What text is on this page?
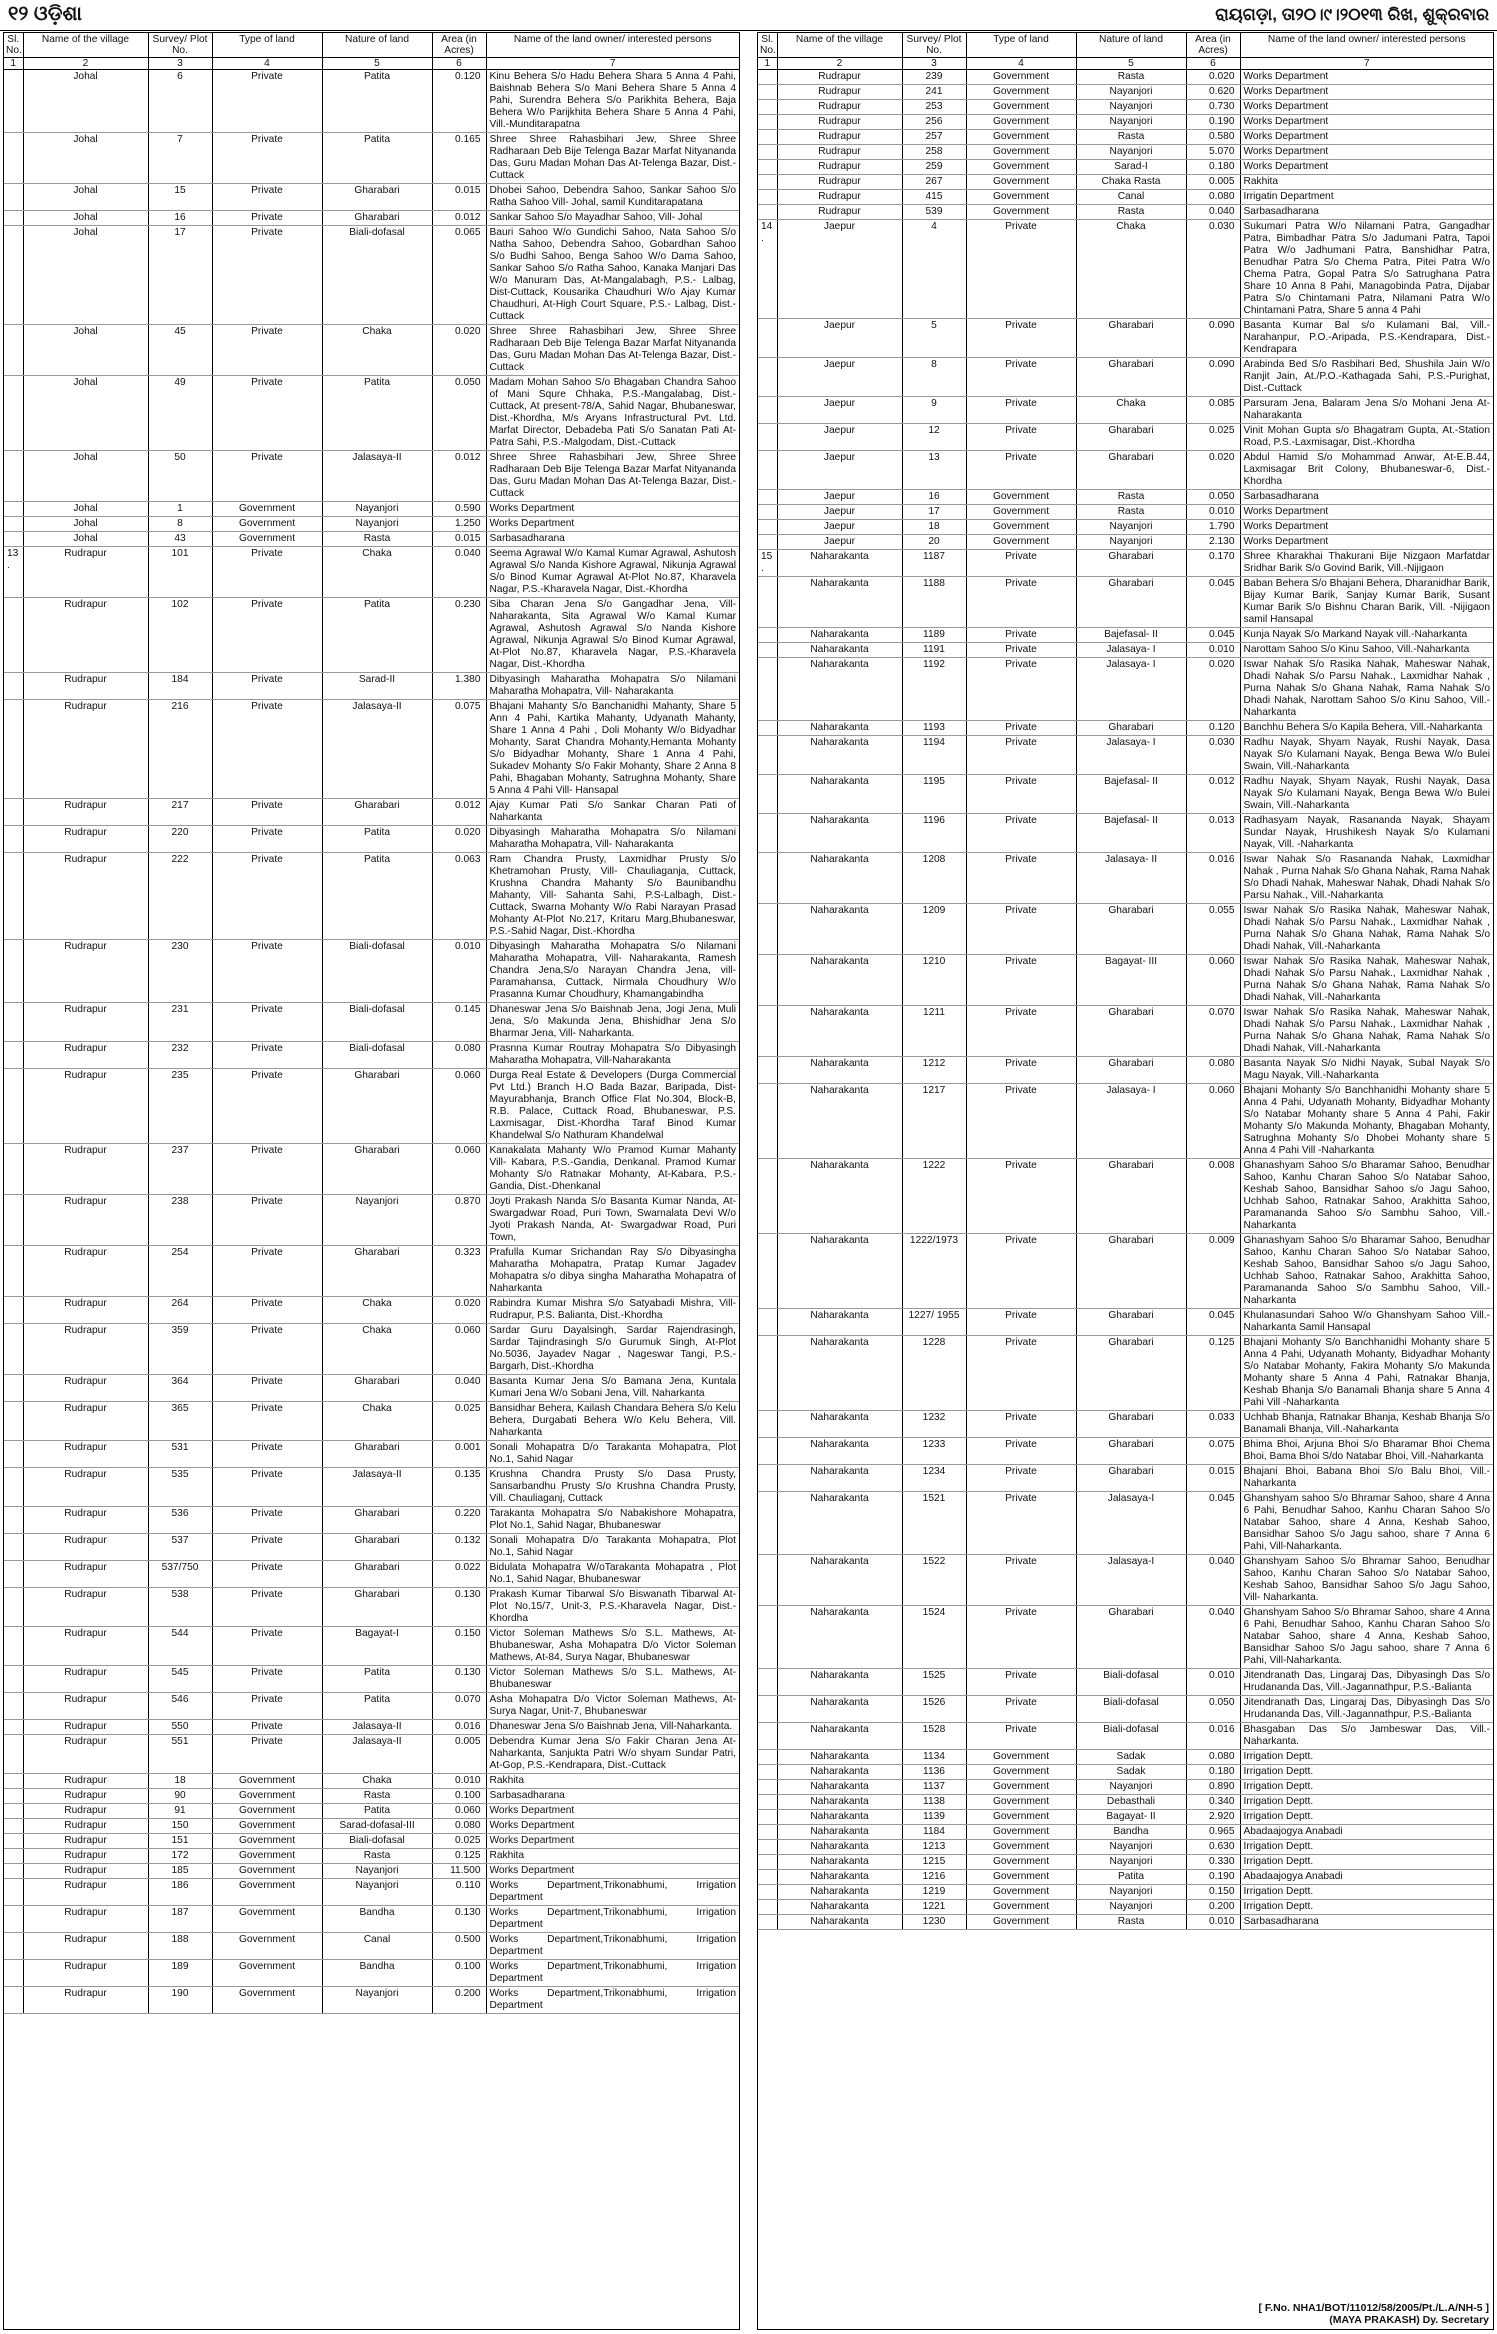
୧୨ ଓଡ଼ିଶା	ରାୟଗଡ଼ା, ତା୨୦।୯।୨୦୧୩ ରିଖ, ଶୁକ୍ରବାର
Sl. No.	Name of the village	Survey/ Plot No.	Type of land	Nature of land	Area (in Acres)	Name of the land owner/ interested persons
1	2	3	4	5	6	7
	Johal	6	Private	Patita	0.120	Kinu Behera S/o Hadu Behera Shara 5 Anna 4 Pahi, Baishnab Behera S/o Mani Behera Share 5 Anna 4 Pahi, Surendra Behera S/o Parikhita Behera, Baja Behera W/o Parijkhita Behera Share 5 Anna 4 Pahi, Vill.-Munditarapatna
	Johal	7	Private	Patita	0.165	Shree Shree Rahasbihari Jew, Shree Shree Radharaan Deb Bije Telenga Bazar Marfat Nityananda Das, Guru Madan Mohan Das At-Telenga Bazar, Dist.-Cuttack
	Johal	15	Private	Gharabari	0.015	Dhobei Sahoo, Debendra Sahoo, Sankar Sahoo S/o Ratha Sahoo Vill- Johal, samil Kunditarapatana
	Johal	16	Private	Gharabari	0.012	Sankar Sahoo S/o Mayadhar Sahoo, Vill- Johal
	Johal	17	Private	Biali-dofasal	0.065	Bauri Sahoo W/o Gundichi Sahoo, Nata Sahoo S/o Natha Sahoo, Debendra Sahoo, Gobardhan Sahoo S/o Budhi Sahoo, Benga Sahoo W/o Dama Sahoo, Sankar Sahoo S/o Ratha Sahoo, Kanaka Manjari Das W/o Manuram Das, At-Mangalabagh, P.S.- Lalbag, Dist-Cuttack, Kousarika Chaudhuri W/o Ajay Kumar Chaudhuri, At-High Court Square, P.S.- Lalbag, Dist.-Cuttack
	Johal	45	Private	Chaka	0.020	Shree Shree Rahasbihari Jew, Shree Shree Radharaan Deb Bije Telenga Bazar Marfat Nityananda Das, Guru Madan Mohan Das At-Telenga Bazar, Dist.-Cuttack
	Johal	49	Private	Patita	0.050	Madam Mohan Sahoo S/o Bhagaban Chandra Sahoo of Mani Squre Chhaka, P.S.-Mangalabag, Dist.-Cuttack, At present-78/A, Sahid Nagar, Bhubaneswar, Dist.-Khordha, M/s Aryans Infrastructural Pvt. Ltd. Marfat Director, Debadeba Pati S/o Sanatan Pati At- Patra Sahi, P.S.-Malgodam, Dist.-Cuttack
	Johal	50	Private	Jalasaya-II	0.012	Shree Shree Rahasbihari Jew, Shree Shree Radharaan Deb Bije Telenga Bazar Marfat Nityananda Das, Guru Madan Mohan Das At-Telenga Bazar, Dist.-Cuttack
	Johal	1	Government	Nayanjori	0.590	Works Department
	Johal	8	Government	Nayanjori	1.250	Works Department
	Johal	43	Government	Rasta	0.015	Sarbasadharana
13.	Rudrapur	101	Private	Chaka	0.040	Seema Agrawal W/o Kamal Kumar Agrawal, Ashutosh Agrawal S/o Nanda Kishore Agrawal, Nikunja Agrawal S/o Binod Kumar Agrawal At-Plot No.87, Kharavela Nagar, P.S.-Kharavela Nagar, Dist.-Khordha
	Rudrapur	102	Private	Patita	0.230	Siba Charan Jena S/o Gangadhar Jena, Vill-Naharakanta, Sita Agrawal W/o Kamal Kumar Agrawal, Ashutosh Agrawal S/o Nanda Kishore Agrawal, Nikunja Agrawal S/o Binod Kumar Agrawal, At-Plot No.87, Kharavela Nagar, P.S.-Kharavela Nagar, Dist.-Khordha
	Rudrapur	184	Private	Sarad-II	1.380	Dibyasingh Maharatha Mohapatra S/o Nilamani Maharatha Mohapatra, Vill- Naharakanta
	Rudrapur	216	Private	Jalasaya-II	0.075	Bhajani Mahanty S/o Banchanidhi Mahanty, Share 5 Ann 4 Pahi, Kartika Mahanty, Udyanath Mahanty, Share 1 Anna 4 Pahi , Doli Mohanty W/o Bidyadhar Mohanty, Sarat Chandra Mohanty,Hemanta Mohanty S/o Bidyadhar Mohanty, Share 1 Anna 4 Pahi, Sukadev Mohanty S/o Fakir Mohanty, Share 2 Anna 8 Pahi, Bhagaban Mohanty, Satrughna Mohanty, Share 5 Anna 4 Pahi Vill- Hansapal
	Rudrapur	217	Private	Gharabari	0.012	Ajay Kumar Pati S/o Sankar Charan Pati of Naharkanta
	Rudrapur	220	Private	Patita	0.020	Dibyasingh Maharatha Mohapatra S/o Nilamani Maharatha Mohapatra, Vill- Naharakanta
	Rudrapur	222	Private	Patita	0.063	Ram Chandra Prusty, Laxmidhar Prusty S/o Khetramohan Prusty, Vill- Chauliaganja, Cuttack, Krushna Chandra Mahanty S/o Baunibandhu Mahanty, Vill- Sahanta Sahi, P.S-Lalbagh, Dist.-Cuttack, Swarna Mohanty W/o Rabi Narayan Prasad Mohanty At-Plot No.217, Kritaru Marg,Bhubaneswar, P.S.-Sahid Nagar, Dist.-Khordha
	Rudrapur	230	Private	Biali-dofasal	0.010	Dibyasingh Maharatha Mohapatra S/o Nilamani Maharatha Mohapatra, Vill- Naharakanta, Ramesh Chandra Jena,S/o Narayan Chandra Jena, vill- Paramahansa, Cuttack, Nirmala Choudhury W/o Prasanna Kumar Choudhury, Khamangabindha
	Rudrapur	231	Private	Biali-dofasal	0.145	Dhaneswar Jena S/o Baishnab Jena, Jogi Jena, Muli Jena, S/o Makunda Jena, Bhishidhar Jena S/o Bharmar Jena, Vill- Naharkanta.
	Rudrapur	232	Private	Biali-dofasal	0.080	Prasnna Kumar Routray Mohapatra S/o Dibyasingh Maharatha Mohapatra, Vill-Naharakanta
	Rudrapur	235	Private	Gharabari	0.060	Durga Real Estate & Developers (Durga Commercial Pvt Ltd.) Branch H.O Bada Bazar, Baripada, Dist- Mayurabhanja, Branch Office Flat No.304, Block-B, R.B. Palace, Cuttack Road, Bhubaneswar, P.S. Laxmisagar, Dist.-Khordha Taraf Binod Kumar Khandelwal S/o Nathuram Khandelwal
	Rudrapur	237	Private	Gharabari	0.060	Kanakalata Mahanty W/o Pramod Kumar Mahanty Vill- Kabara, P.S.-Gandia, Denkanal. Pramod Kumar Mohanty S/o Ratnakar Mohanty, At-Kabara, P.S.-Gandia, Dist.-Dhenkanal
	Rudrapur	238	Private	Nayanjori	0.870	Joyti Prakash Nanda S/o Basanta Kumar Nanda, At- Swargadwar Road, Puri Town, Swarnalata Devi W/o Jyoti Prakash Nanda, At- Swargadwar Road, Puri Town,
	Rudrapur	254	Private	Gharabari	0.323	Prafulla Kumar Srichandan Ray S/o Dibyasingha Maharatha Mohapatra, Pratap Kumar Jagadev Mohapatra s/o dibya singha Maharatha Mohapatra of Naharkanta
	Rudrapur	264	Private	Chaka	0.020	Rabindra Kumar Mishra S/o Satyabadi Mishra, Vill- Rudrapur, P.S. Balianta, Dist.-Khordha
	Rudrapur	359	Private	Chaka	0.060	Sardar Guru Dayalsingh, Sardar Rajendrasingh, Sardar Tajindrasingh S/o Gurumuk Singh, At-Plot No.5036, Jayadev Nagar , Nageswar Tangi, P.S.-Bargarh, Dist.-Khordha
	Rudrapur	364	Private	Gharabari	0.040	Basanta Kumar Jena S/o Bamana Jena, Kuntala Kumari Jena W/o Sobani Jena, Vill. Naharkanta
	Rudrapur	365	Private	Chaka	0.025	Bansidhar Behera, Kailash Chandara Behera S/o Kelu Behera, Durgabati Behera W/o Kelu Behera, Vill. Naharkanta
	Rudrapur	531	Private	Gharabari	0.001	Sonali Mohapatra D/o Tarakanta Mohapatra, Plot No.1, Sahid Nagar
	Rudrapur	535	Private	Jalasaya-II	0.135	Krushna Chandra Prusty S/o Dasa Prusty, Sansarbandhu Prusty S/o Krushna Chandra Prusty, Vill. Chauliaganj, Cuttack
	Rudrapur	536	Private	Gharabari	0.220	Tarakanta Mohapatra S/o Nabakishore Mohapatra, Plot No.1, Sahid Nagar, Bhubaneswar
	Rudrapur	537	Private	Gharabari	0.132	Sonali Mohapatra D/o Tarakanta Mohapatra, Plot No.1, Sahid Nagar
	Rudrapur	537/750	Private	Gharabari	0.022	Bidulata Mohapatra W/oTarakanta Mohapatra , Plot No.1, Sahid Nagar, Bhubaneswar
	Rudrapur	538	Private	Gharabari	0.130	Prakash Kumar Tibarwal S/o Biswanath Tibarwal At-Plot No.15/7, Unit-3, P.S.-Kharavela Nagar, Dist.-Khordha
	Rudrapur	544	Private	Bagayat-I	0.150	Victor Soleman Mathews S/o S.L. Mathews, At-Bhubaneswar, Asha Mohapatra D/o Victor Soleman Mathews, At-84, Surya Nagar, Bhubaneswar
	Rudrapur	545	Private	Patita	0.130	Victor Soleman Mathews S/o S.L. Mathews, At-Bhubaneswar
	Rudrapur	546	Private	Patita	0.070	Asha Mohapatra D/o Victor Soleman Mathews, At-Surya Nagar, Unit-7, Bhubaneswar
	Rudrapur	550	Private	Jalasaya-II	0.016	Dhaneswar Jena S/o Baishnab Jena, Vill-Naharkanta.
	Rudrapur	551	Private	Jalasaya-II	0.005	Debendra Kumar Jena S/o Fakir Charan Jena At-Naharkanta, Sanjukta Patri W/o shyam Sundar Patri, At-Gop, P.S.-Kendrapara, Dist.-Cuttack
	Rudrapur	18	Government	Chaka	0.010	Rakhita
	Rudrapur	90	Government	Rasta	0.100	Sarbasadharana
	Rudrapur	91	Government	Patita	0.060	Works Department
	Rudrapur	150	Government	Sarad-dofasal-III	0.080	Works Department
	Rudrapur	151	Government	Biali-dofasal	0.025	Works Department
	Rudrapur	172	Government	Rasta	0.125	Rakhita
	Rudrapur	185	Government	Nayanjori	11.500	Works Department
	Rudrapur	186	Government	Nayanjori	0.110	Works Department,Trikonabhumi, Irrigation Department
	Rudrapur	187	Government	Bandha	0.130	Works Department,Trikonabhumi, Irrigation Department
	Rudrapur	188	Government	Canal	0.500	Works Department,Trikonabhumi, Irrigation Department
	Rudrapur	189	Government	Bandha	0.100	Works Department,Trikonabhumi, Irrigation Department
	Rudrapur	190	Government	Nayanjori	0.200	Works Department,Trikonabhumi, Irrigation Department
Sl. No.	Name of the village	Survey/ Plot No.	Type of land	Nature of land	Area (in Acres)	Name of the land owner/ interested persons
1	2	3	4	5	6	7
	Rudrapur	239	Government	Rasta	0.020	Works Department
	Rudrapur	241	Government	Nayanjori	0.620	Works Department
	Rudrapur	253	Government	Nayanjori	0.730	Works Department
	Rudrapur	256	Government	Nayanjori	0.190	Works Department
	Rudrapur	257	Government	Rasta	0.580	Works Department
	Rudrapur	258	Government	Nayanjori	5.070	Works Department
	Rudrapur	259	Government	Sarad-I	0.180	Works Department
	Rudrapur	267	Government	Chaka Rasta	0.005	Rakhita
	Rudrapur	415	Government	Canal	0.080	Irrigatin Department
	Rudrapur	539	Government	Rasta	0.040	Sarbasadharana
14.	Jaepur	4	Private	Chaka	0.030	Sukumari Patra W/o Nilamani Patra, Gangadhar Patra, Bimbadhar Patra S/o Jadumani Patra, Tapoi Patra W/o Jadhumani Patra, Banshidhar Patra, Benudhar Patra S/o Chema Patra, Pitei Patra W/o Chema Patra, Gopal Patra S/o Satrughana Patra Share 10 Anna 8 Pahi, Managobinda Patra, Dijabar Patra S/o Chintamani Patra, Nilamani Patra W/o Chintamani Patra, Share 5 anna 4 Pahi
	Jaepur	5	Private	Gharabari	0.090	Basanta Kumar Bal s/o Kulamani Bal, Vill.-Narahanpur, P.O.-Aripada, P.S.-Kendrapara, Dist.-Kendrapara
	Jaepur	8	Private	Gharabari	0.090	Arabinda Bed S/o Rasbihari Bed, Shushila Jain W/o Ranjit Jain, At./P.O.-Kathagada Sahi, P.S.-Purighat, Dist.-Cuttack
	Jaepur	9	Private	Chaka	0.085	Parsuram Jena, Balaram Jena S/o Mohani Jena At- Naharakanta
	Jaepur	12	Private	Gharabari	0.025	Vinit Mohan Gupta s/o Bhagatram Gupta, At.-Station Road, P.S.-Laxmisagar, Dist.-Khordha
	Jaepur	13	Private	Gharabari	0.020	Abdul Hamid S/o Mohammad Anwar, At-E.B.44, Laxmisagar Brit Colony, Bhubaneswar-6, Dist.-Khordha
	Jaepur	16	Government	Rasta	0.050	Sarbasadharana
	Jaepur	17	Government	Rasta	0.010	Works Department
	Jaepur	18	Government	Nayanjori	1.790	Works Department
	Jaepur	20	Government	Nayanjori	2.130	Works Department
15.	Naharakanta	1187	Private	Gharabari	0.170	Shree Kharakhai Thakurani Bije Nizgaon Marfatdar Sridhar Barik S/o Govind Barik, Vill.-Nijigaon
	Naharakanta	1188	Private	Gharabari	0.045	Baban Behera S/o Bhajani Behera, Dharanidhar Barik, Bijay Kumar Barik, Sanjay Kumar Barik, Susant Kumar Barik S/o Bishnu Charan Barik, Vill. -Nijigaon samil Hansapal
	Naharakanta	1189	Private	Bajefasal- II	0.045	Kunja Nayak S/o Markand Nayak vill.-Naharkanta
	Naharakanta	1191	Private	Jalasaya- I	0.010	Narottam Sahoo S/o Kinu Sahoo, Vill.-Naharkanta
	Naharakanta	1192	Private	Jalasaya- I	0.020	Iswar Nahak S/o Rasika Nahak, Maheswar Nahak, Dhadi Nahak S/o Parsu Nahak., Laxmidhar Nahak , Purna Nahak S/o Ghana Nahak, Rama Nahak S/o Dhadi Nahak, Narottam Sahoo S/o Kinu Sahoo, Vill.-Naharkanta
	Naharakanta	1193	Private	Gharabari	0.120	Banchhu Behera S/o Kapila Behera, Vill.-Naharkanta
	Naharakanta	1194	Private	Jalasaya- I	0.030	Radhu Nayak, Shyam Nayak, Rushi Nayak, Dasa Nayak S/o Kulamani Nayak, Benga Bewa W/o Bulei Swain, Vill.-Naharkanta
	Naharakanta	1195	Private	Bajefasal- II	0.012	Radhu Nayak, Shyam Nayak, Rushi Nayak, Dasa Nayak S/o Kulamani Nayak, Benga Bewa W/o Bulei Swain, Vill.-Naharkanta
	Naharakanta	1196	Private	Bajefasal- II	0.013	Radhasyam Nayak, Rasananda Nayak, Shayam Sundar Nayak, Hrushikesh Nayak S/o Kulamani Nayak, Vill. -Naharkanta
	Naharakanta	1208	Private	Jalasaya- II	0.016	Iswar Nahak S/o Rasananda Nahak, Laxmidhar Nahak , Purna Nahak S/o Ghana Nahak, Rama Nahak S/o Dhadi Nahak, Maheswar Nahak, Dhadi Nahak S/o Parsu Nahak., Vill.-Naharkanta
	Naharakanta	1209	Private	Gharabari	0.055	Iswar Nahak S/o Rasika Nahak, Maheswar Nahak, Dhadi Nahak S/o Parsu Nahak., Laxmidhar Nahak , Purna Nahak S/o Ghana Nahak, Rama Nahak S/o Dhadi Nahak, Vill.-Naharkanta
	Naharakanta	1210	Private	Bagayat- III	0.060	Iswar Nahak S/o Rasika Nahak, Maheswar Nahak, Dhadi Nahak S/o Parsu Nahak., Laxmidhar Nahak , Purna Nahak S/o Ghana Nahak, Rama Nahak S/o Dhadi Nahak, Vill.-Naharkanta
	Naharakanta	1211	Private	Gharabari	0.070	Iswar Nahak S/o Rasika Nahak, Maheswar Nahak, Dhadi Nahak S/o Parsu Nahak., Laxmidhar Nahak , Purna Nahak S/o Ghana Nahak, Rama Nahak S/o Dhadi Nahak, Vill.-Naharkanta
	Naharakanta	1212	Private	Gharabari	0.080	Basanta Nayak S/o Nidhi Nayak, Subal Nayak S/o Magu Nayak, Vill.-Naharkanta
	Naharakanta	1217	Private	Jalasaya- I	0.060	Bhajani Mohanty S/o Banchhanidhi Mohanty share 5 Anna 4 Pahi, Udyanath Mohanty, Bidyadhar Mohanty S/o Natabar Mohanty share 5 Anna 4 Pahi, Fakir Mohanty S/o Makunda Mohanty, Bhagaban Mohanty, Satrughna Mohanty S/o Dhobei Mohanty share 5 Anna 4 Pahi Vill -Naharkanta
	Naharakanta	1222	Private	Gharabari	0.008	Ghanashyam Sahoo S/o Bharamar Sahoo, Benudhar Sahoo, Kanhu Charan Sahoo S/o Natabar Sahoo, Keshab Sahoo, Bansidhar Sahoo s/o Jagu Sahoo, Uchhab Sahoo, Ratnakar Sahoo, Arakhitta Sahoo, Paramananda Sahoo S/o Sambhu Sahoo, Vill.-Naharkanta
	Naharakanta	1222/1973	Private	Gharabari	0.009	Ghanashyam Sahoo S/o Bharamar Sahoo, Benudhar Sahoo, Kanhu Charan Sahoo S/o Natabar Sahoo, Keshab Sahoo, Bansidhar Sahoo s/o Jagu Sahoo, Uchhab Sahoo, Ratnakar Sahoo, Arakhitta Sahoo, Paramananda Sahoo S/o Sambhu Sahoo, Vill.-Naharkanta
	Naharakanta	1227/ 1955	Private	Gharabari	0.045	Khulanasundari Sahoo W/o Ghanshyam Sahoo Vill.-Naharkanta Samil Hansapal
	Naharakanta	1228	Private	Gharabari	0.125	Bhajani Mohanty S/o Banchhanidhi Mohanty share 5 Anna 4 Pahi, Udyanath Mohanty, Bidyadhar Mohanty S/o Natabar Mohanty, Fakira Mohanty S/o Makunda Mohanty share 5 Anna 4 Pahi, Ratnakar Bhanja, Keshab Bhanja S/o Banamali Bhanja share 5 Anna 4 Pahi Vill -Naharkanta
	Naharakanta	1232	Private	Gharabari	0.033	Uchhab Bhanja, Ratnakar Bhanja, Keshab Bhanja S/o Banamali Bhanja, Vill.-Naharkanta
	Naharakanta	1233	Private	Gharabari	0.075	Bhima Bhoi, Arjuna Bhoi S/o Bharamar Bhoi Chema Bhoi, Bama Bhoi S/do Natabar Bhoi, Vill.-Naharkanta
	Naharakanta	1234	Private	Gharabari	0.015	Bhajani Bhoi, Babana Bhoi S/o Balu Bhoi, Vill.-Naharkanta
	Naharakanta	1521	Private	Jalasaya-I	0.045	Ghanshyam sahoo S/o Bhramar Sahoo, share 4 Anna 6 Pahi, Benudhar Sahoo, Kanhu Charan Sahoo S/o Natabar Sahoo, share 4 Anna, Keshab Sahoo, Bansidhar Sahoo S/o Jagu sahoo, share 7 Anna 6 Pahi, Vill-Naharkanta.
	Naharakanta	1522	Private	Jalasaya-I	0.040	Ghanshyam Sahoo S/o Bhramar Sahoo, Benudhar Sahoo, Kanhu Charan Sahoo S/o Natabar Sahoo, Keshab Sahoo, Bansidhar Sahoo S/o Jagu Sahoo, Vill- Naharkanta.
	Naharakanta	1524	Private	Gharabari	0.040	Ghanshyam Sahoo S/o Bhramar Sahoo, share 4 Anna 6 Pahi, Benudhar Sahoo, Kanhu Charan Sahoo S/o Natabar Sahoo, share 4 Anna, Keshab Sahoo, Bansidhar Sahoo S/o Jagu sahoo, share 7 Anna 6 Pahi, Vill-Naharkanta.
	Naharakanta	1525	Private	Biali-dofasal	0.010	Jitendranath Das, Lingaraj Das, Dibyasingh Das S/o Hrudananda Das, Vill.-Jagannathpur, P.S.-Balianta
	Naharakanta	1526	Private	Biali-dofasal	0.050	Jitendranath Das, Lingaraj Das, Dibyasingh Das S/o Hrudananda Das, Vill.-Jagannathpur, P.S.-Balianta
	Naharakanta	1528	Private	Biali-dofasal	0.016	Bhasgaban Das S/o Jambeswar Das, Vill.-Naharkanta.
	Naharakanta	1134	Government	Sadak	0.080	Irrigation Deptt.
	Naharakanta	1136	Government	Sadak	0.180	Irrigation Deptt.
	Naharakanta	1137	Government	Nayanjori	0.890	Irrigation Deptt.
	Naharakanta	1138	Government	Debasthali	0.340	Irrigation Deptt.
	Naharakanta	1139	Government	Bagayat- II	2.920	Irrigation Deptt.
	Naharakanta	1184	Government	Bandha	0.965	Abadaajogya Anabadi
	Naharakanta	1213	Government	Nayanjori	0.630	Irrigation Deptt.
	Naharakanta	1215	Government	Nayanjori	0.330	Irrigation Deptt.
	Naharakanta	1216	Government	Patita	0.190	Abadaajogya Anabadi
	Naharakanta	1219	Government	Nayanjori	0.150	Irrigation Deptt.
	Naharakanta	1221	Government	Nayanjori	0.200	Irrigation Deptt.
	Naharakanta	1230	Government	Rasta	0.010	Sarbasadharana
[ F.No. NHA1/BOT/11012/58/2005/Pt./L.A/NH-5 ]
(MAYA PRAKASH) Dy. Secretary
